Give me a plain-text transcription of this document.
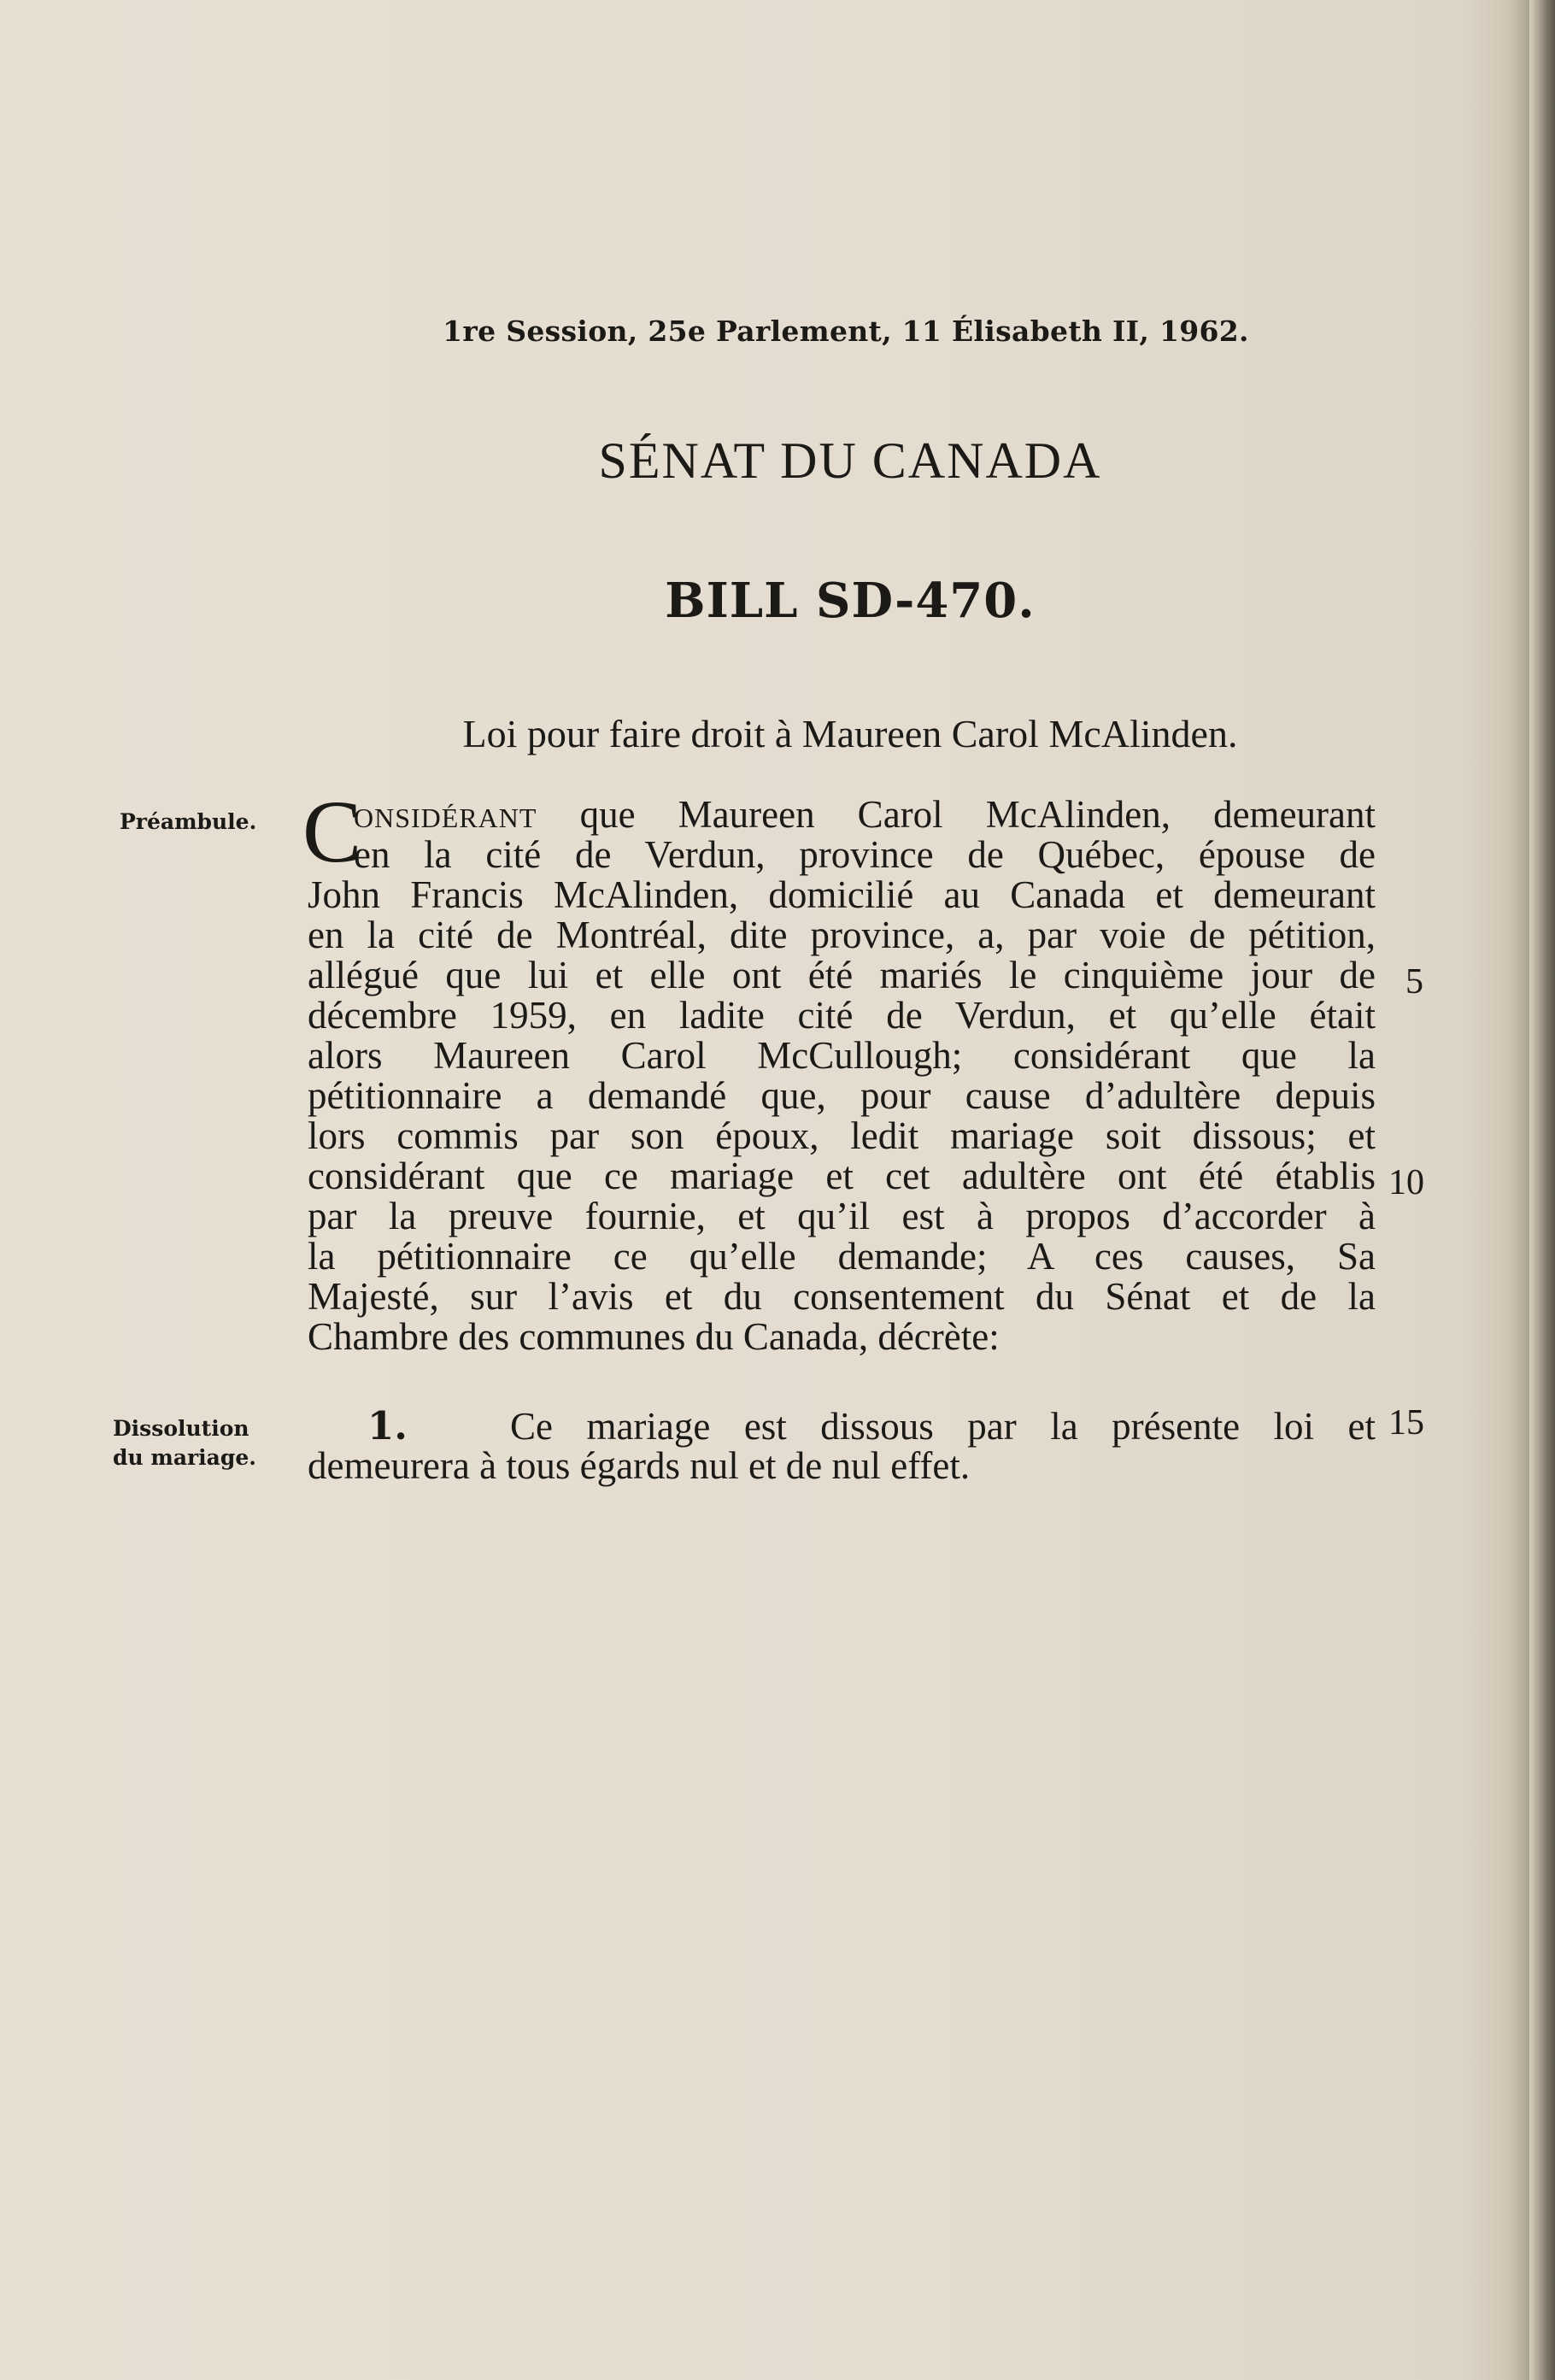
1re Session, 25e Parlement, 11 Élisabeth II, 1962.
SÉNAT DU CANADA
BILL SD-470.
Loi pour faire droit à Maureen Carol McAlinden.
Préambule. C
onsidérant que Maureen Carol McAlinden, demeurant
en la cité de Verdun, province de Québec, épouse de
John Francis McAlinden, domicilié au Canada et demeurant
en la cité de Montréal, dite province, a, par voie de pétition,
allégué que lui et elle ont été mariés le cinquième jour de
décembre 1959, en ladite cité de Verdun, et qu’elle était
alors Maureen Carol McCullough; considérant que la
pétitionnaire a demandé que, pour cause d’adultère depuis
lors commis par son époux, ledit mariage soit dissous; et
considérant que ce mariage et cet adultère ont été établis
par la preuve fournie, et qu’il est à propos d’accorder à
la pétitionnaire ce qu’elle demande; A ces causes, Sa
Majesté, sur l’avis et du consentement du Sénat et de la
Chambre des communes du Canada, décrète:
5
10
15
Dissolution
du mariage.
1.	Ce mariage est dissous par la présente loi et
demeurera à tous égards nul et de nul effet.
